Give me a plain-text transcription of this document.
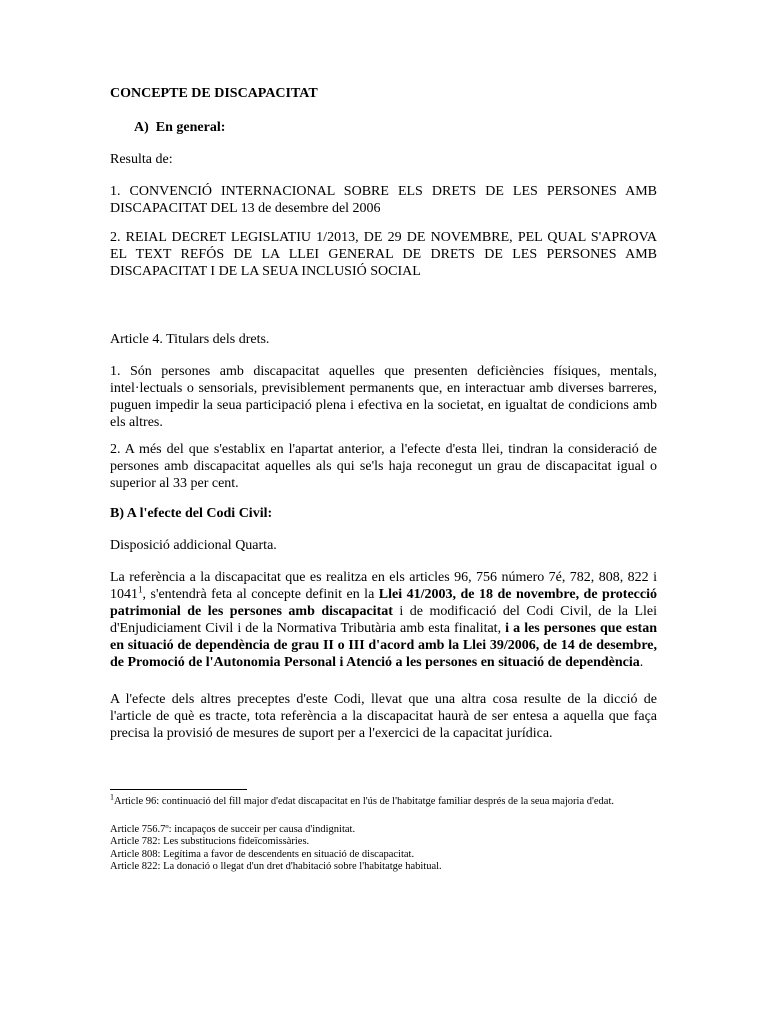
CONCEPTE DE DISCAPACITAT

A) En general:

Resulta de:

1. CONVENCIÓ INTERNACIONAL SOBRE ELS DRETS DE LES PERSONES AMB DISCAPACITAT DEL 13 de desembre del 2006

2. REIAL DECRET LEGISLATIU 1/2013, DE 29 DE NOVEMBRE, PEL QUAL S'APROVA EL TEXT REFÓS DE LA LLEI GENERAL DE DRETS DE LES PERSONES AMB DISCAPACITAT I DE LA SEUA INCLUSIÓ SOCIAL

Article 4. Titulars dels drets.

1. Són persones amb discapacitat aquelles que presenten deficiències físiques, mentals, intel·lectuals o sensorials, previsiblement permanents que, en interactuar amb diverses barreres, puguen impedir la seua participació plena i efectiva en la societat, en igualtat de condicions amb els altres.

2. A més del que s'establix en l'apartat anterior, a l'efecte d'esta llei, tindran la consideració de persones amb discapacitat aquelles als qui se'ls haja reconegut un grau de discapacitat igual o superior al 33 per cent.

B) A l'efecte del Codi Civil:

Disposició addicional Quarta.

La referència a la discapacitat que es realitza en els articles 96, 756 número 7é, 782, 808, 822 i 1041$^1$, s'entendrà feta al concepte definit en la Llei 41/2003, de 18 de novembre, de protecció patrimonial de les persones amb discapacitat i de modificació del Codi Civil, de la Llei d'Enjudiciament Civil i de la Normativa Tributària amb esta finalitat, i a les persones que estan en situació de dependència de grau II o III d'acord amb la Llei 39/2006, de 14 de desembre, de Promoció de l'Autonomia Personal i Atenció a les persones en situació de dependència.

A l'efecte dels altres preceptes d'este Codi, llevat que una altra cosa resulte de la dicció de l'article de què es tracte, tota referència a la discapacitat haurà de ser entesa a aquella que faça precisa la provisió de mesures de suport per a l'exercici de la capacitat jurídica.

$^1$Article 96: continuació del fill major d'edat discapacitat en l'ús de l'habitatge familiar després de la seua majoria d'edat.

Article 756.7º: incapaços de succeir per causa d'indignitat.

Article 782: Les substitucions fideïcomissàries.

Article 808: Legítima a favor de descendents en situació de discapacitat.

Article 822: La donació o llegat d'un dret d'habitació sobre l'habitatge habitual.
